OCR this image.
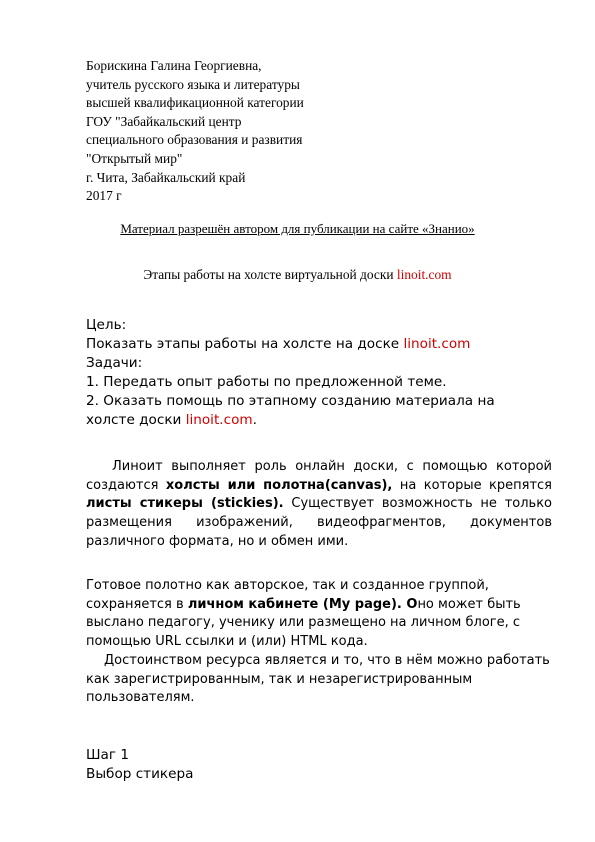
Борискина Галина Георгиевна,
учитель русского языка и литературы
высшей квалификационной категории
ГОУ "Забайкальский центр
специального образования и развития
"Открытый мир"
г. Чита, Забайкальский край
2017 г
Материал разрешён автором для публикации на сайте «Знанио»
Этапы работы на холсте виртуальной доски linoit.com
Цель:
Показать этапы работы на холсте на доске linoit.com
Задачи:
1. Передать опыт работы по предложенной теме.
2. Оказать помощь по этапному созданию материала на
холсте доски linoit.com.
Линоит выполняет роль онлайн доски, с помощью которой создаются холсты или полотна(canvas), на которые крепятся листы стикеры (stickies). Существует возможность не только размещения изображений, видеофрагментов, документов различного формата, но и обмен ими.
Готовое полотно как авторское, так и созданное группой, сохраняется в личном кабинете (My page). Оно может быть выслано педагогу, ученику или размещено на личном блоге, с помощью URL ссылки и (или) HTML кода.
Достоинством ресурса является и то, что в нём можно работать как зарегистрированным, так и незарегистрированным пользователям.
Шаг 1
Выбор стикера
